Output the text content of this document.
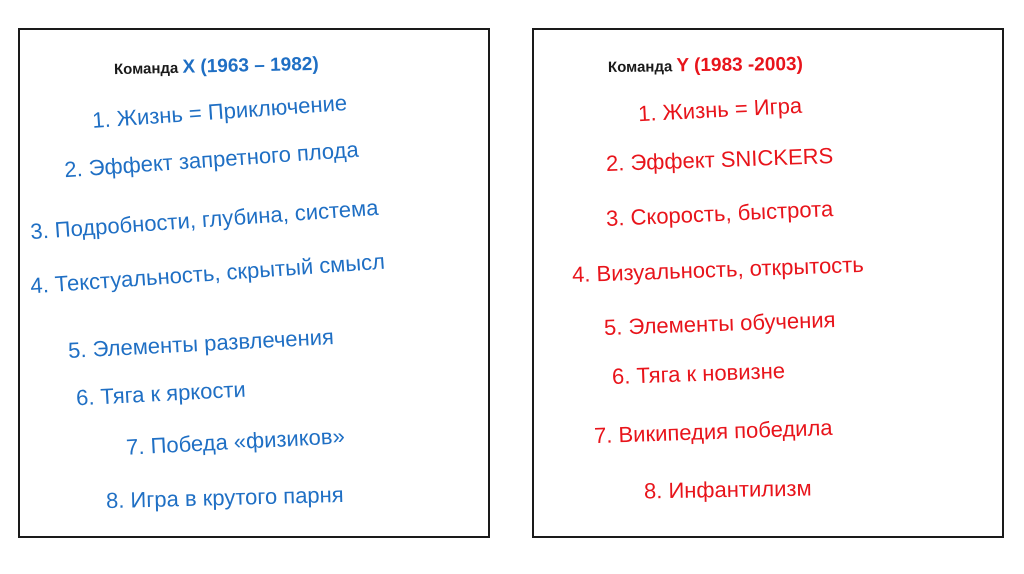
Команда X (1963 – 1982)
1. Жизнь = Приключение
2. Эффект запретного плода
3. Подробности, глубина, система
4. Текстуальность, скрытый смысл
5. Элементы развлечения
6. Тяга к яркости
7. Победа «физиков»
8. Игра в крутого парня
Команда Y (1983 -2003)
1. Жизнь = Игра
2. Эффект SNICKERS
3. Скорость, быстрота
4. Визуальность, открытость
5. Элементы обучения
6. Тяга к новизне
7. Википедия победила
8. Инфантилизм
